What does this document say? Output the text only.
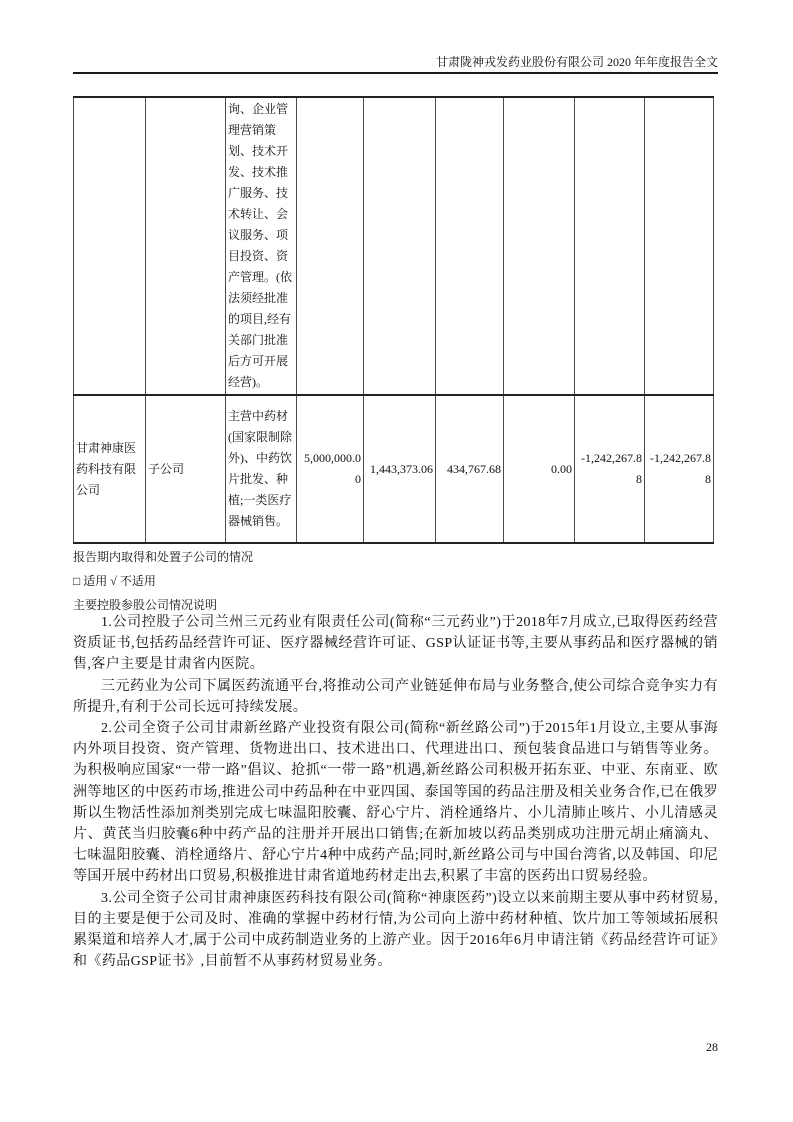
甘肃陇神戎发药业股份有限公司 2020 年年度报告全文
		询、企业管理营销策划、技术开发、技术推广服务、技术转让、会议服务、项目投资、资产管理。(依法须经批准的项目,经有关部门批准后方可开展经营)。						
甘肃神康医药科技有限公司	子公司	主营中药材(国家限制除外)、中药饮片批发、种植;一类医疗器械销售。	5,000,000.00	1,443,373.06	434,767.68	0.00	-1,242,267.88	-1,242,267.88
报告期内取得和处置子公司的情况
□ 适用 √ 不适用
主要控股参股公司情况说明

1.公司控股子公司兰州三元药业有限责任公司(简称“三元药业”)于2018年7月成立,已取得医药经营资质证书,包括药品经营许可证、医疗器械经营许可证、GSP认证证书等,主要从事药品和医疗器械的销售,客户主要是甘肃省内医院。

三元药业为公司下属医药流通平台,将推动公司产业链延伸布局与业务整合,使公司综合竞争实力有所提升,有利于公司长远可持续发展。

2.公司全资子公司甘肃新丝路产业投资有限公司(简称“新丝路公司”)于2015年1月设立,主要从事海内外项目投资、资产管理、货物进出口、技术进出口、代理进出口、预包装食品进口与销售等业务。为积极响应国家“一带一路”倡议、抢抓“一带一路”机遇,新丝路公司积极开拓东亚、中亚、东南亚、欧洲等地区的中医药市场,推进公司中药品种在中亚四国、泰国等国的药品注册及相关业务合作,已在俄罗斯以生物活性添加剂类别完成七味温阳胶囊、舒心宁片、消栓通络片、小儿清肺止咳片、小儿清感灵片、黄芪当归胶囊6种中药产品的注册并开展出口销售;在新加坡以药品类别成功注册元胡止痛滴丸、七味温阳胶囊、消栓通络片、舒心宁片4种中成药产品;同时,新丝路公司与中国台湾省,以及韩国、印尼等国开展中药材出口贸易,积极推进甘肃省道地药材走出去,积累了丰富的医药出口贸易经验。

3.公司全资子公司甘肃神康医药科技有限公司(简称“神康医药”)设立以来前期主要从事中药材贸易,目的主要是便于公司及时、准确的掌握中药材行情,为公司向上游中药材种植、饮片加工等领域拓展积累渠道和培养人才,属于公司中成药制造业务的上游产业。因于2016年6月申请注销《药品经营许可证》和《药品GSP证书》,目前暂不从事药材贸易业务。

28
